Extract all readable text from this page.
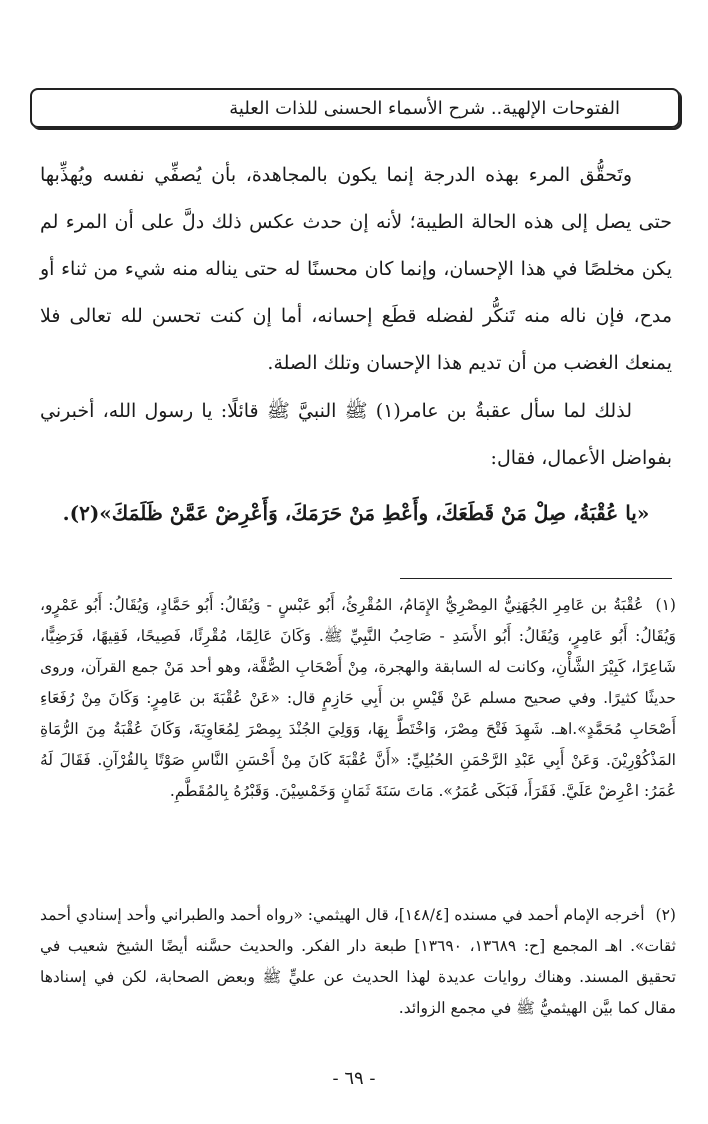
الفتوحات الإلهية.. شرح الأسماء الحسنى للذات العلية

وتَحقُّق المرء بهذه الدرجة إنما يكون بالمجاهدة، بأن يُصفِّي نفسه ويُهذِّبها حتى يصل إلى هذه الحالة الطيبة؛ لأنه إن حدث عكس ذلك دلَّ على أن المرء لم يكن مخلصًا في هذا الإحسان، وإنما كان محسنًا له حتى يناله منه شيء من ثناء أو مدح، فإن ناله منه تَنكُّر لفضله قطَع إحسانه، أما إن كنت تحسن لله تعالى فلا يمنعك الغضب من أن تديم هذا الإحسان وتلك الصلة.

لذلك لما سأل عقبةُ بن عامر(١) ﷺ النبيَّ ﷺ قائلًا: يا رسول الله، أخبرني بفواضل الأعمال، فقال:

«يا عُقْبَةُ، صِلْ مَنْ قَطَعَكَ، وأَعْطِ مَنْ حَرَمَكَ، وَأَعْرِضْ عَمَّنْ ظَلَمَكَ»(٢).

(١) عُقْبَةُ بن عَامِرِ الجُهَنِيُّ المِصْرِيُّ الإِمَامُ، المُقْرِئُ، أَبُو عَبْسٍ - وَيُقَالُ: أَبُو حَمَّادٍ، وَيُقَالُ: أَبُو عَمْرٍو، وَيُقَالُ: أَبُو عَامِرٍ، وَيُقَالُ: أَبُو الأَسَدِ - صَاحِبُ النَّبِيِّ ﷺ. وَكَانَ عَالِمًا، مُقْرِئًا، فَصِيحًا، فَقِيهًا، فَرَضِيًّا، شَاعِرًا، كَبِيْرَ الشَّأْنِ، وكانت له السابقة والهجرة، مِنْ أَصْحَابِ الصُّفَّة، وهو أحد مَنْ جمع القرآن، وروى حديثًا كثيرًا. وفي صحيح مسلم عَنْ قَيْسِ بن أَبِي حَازِمٍ قال: «عَنْ عُقْبَةَ بن عَامِرٍ: وَكَانَ مِنْ رُفَعَاءِ أَصْحَابِ مُحَمَّدٍ».اهـ. شَهِدَ فَتْحَ مِصْرَ، وَاخْتَطَّ بِهَا، وَوَلِيَ الجُنْدَ بِمِصْرَ لِمُعَاوِيَةَ، وَكَانَ عُقْبَةُ مِنَ الرُّمَاةِ المَذْكُوْرِيْنَ. وَعَنْ أَبِي عَبْدِ الرَّحْمَنِ الحُبُلِيِّ: «أَنَّ عُقْبَةَ كَانَ مِنْ أَحْسَنِ النَّاسِ صَوْتًا بِالقُرْآنِ. فَقَالَ لَهُ عُمَرُ: اعْرِضْ عَلَيَّ. فَقَرَأَ، فَبَكَى عُمَرُ». مَاتَ سَنَةَ ثَمَانٍ وَخَمْسِيْنَ. وَقَبْرُهُ بِالمُقَطَّمِ.

(٢) أخرجه الإمام أحمد في مسنده [١٤٨/٤]، قال الهيثمي: «رواه أحمد والطبراني وأحد إسنادي أحمد ثقات». اهـ المجمع [ح: ١٣٦٨٩، ١٣٦٩٠] طبعة دار الفكر. والحديث حسَّنه أيضًا الشيخ شعيب في تحقيق المسند. وهناك روايات عديدة لهذا الحديث عن عليٍّ ﷺ وبعض الصحابة، لكن في إسنادها مقال كما بيَّن الهيثميُّ ﷺ في مجمع الزوائد.

- ٦٩ -
